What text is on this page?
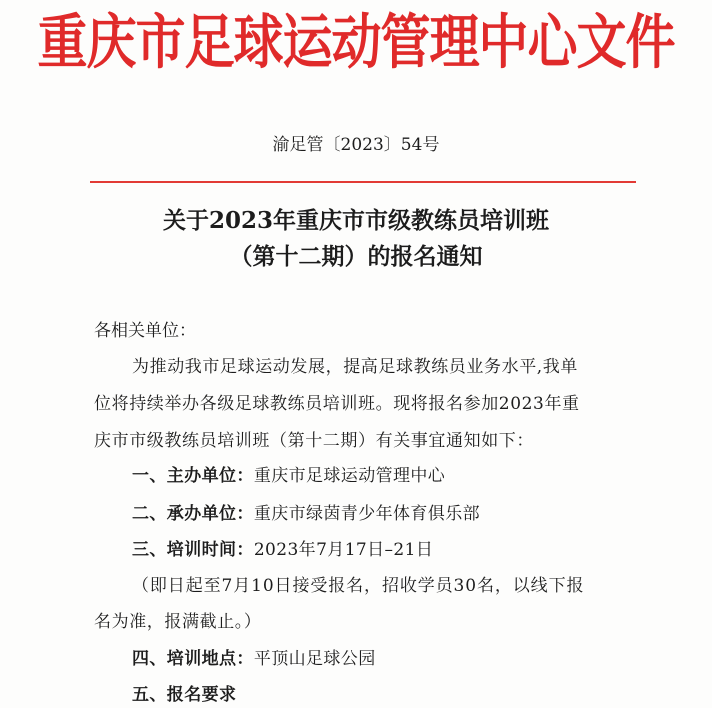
重庆市足球运动管理中心文件
渝足管〔2023〕54号
关于2023年重庆市市级教练员培训班
（第十二期）的报名通知
各相关单位：
为推动我市足球运动发展，提高足球教练员业务水平,我单
位将持续举办各级足球教练员培训班。现将报名参加2023年重
庆市市级教练员培训班（第十二期）有关事宜通知如下：
一、主办单位：重庆市足球运动管理中心
二、承办单位：重庆市绿茵青少年体育俱乐部
三、培训时间：2023年7月17日–21日
（即日起至7月10日接受报名，招收学员30名，以线下报
名为准，报满截止。）
四、培训地点：平顶山足球公园
五、报名要求
